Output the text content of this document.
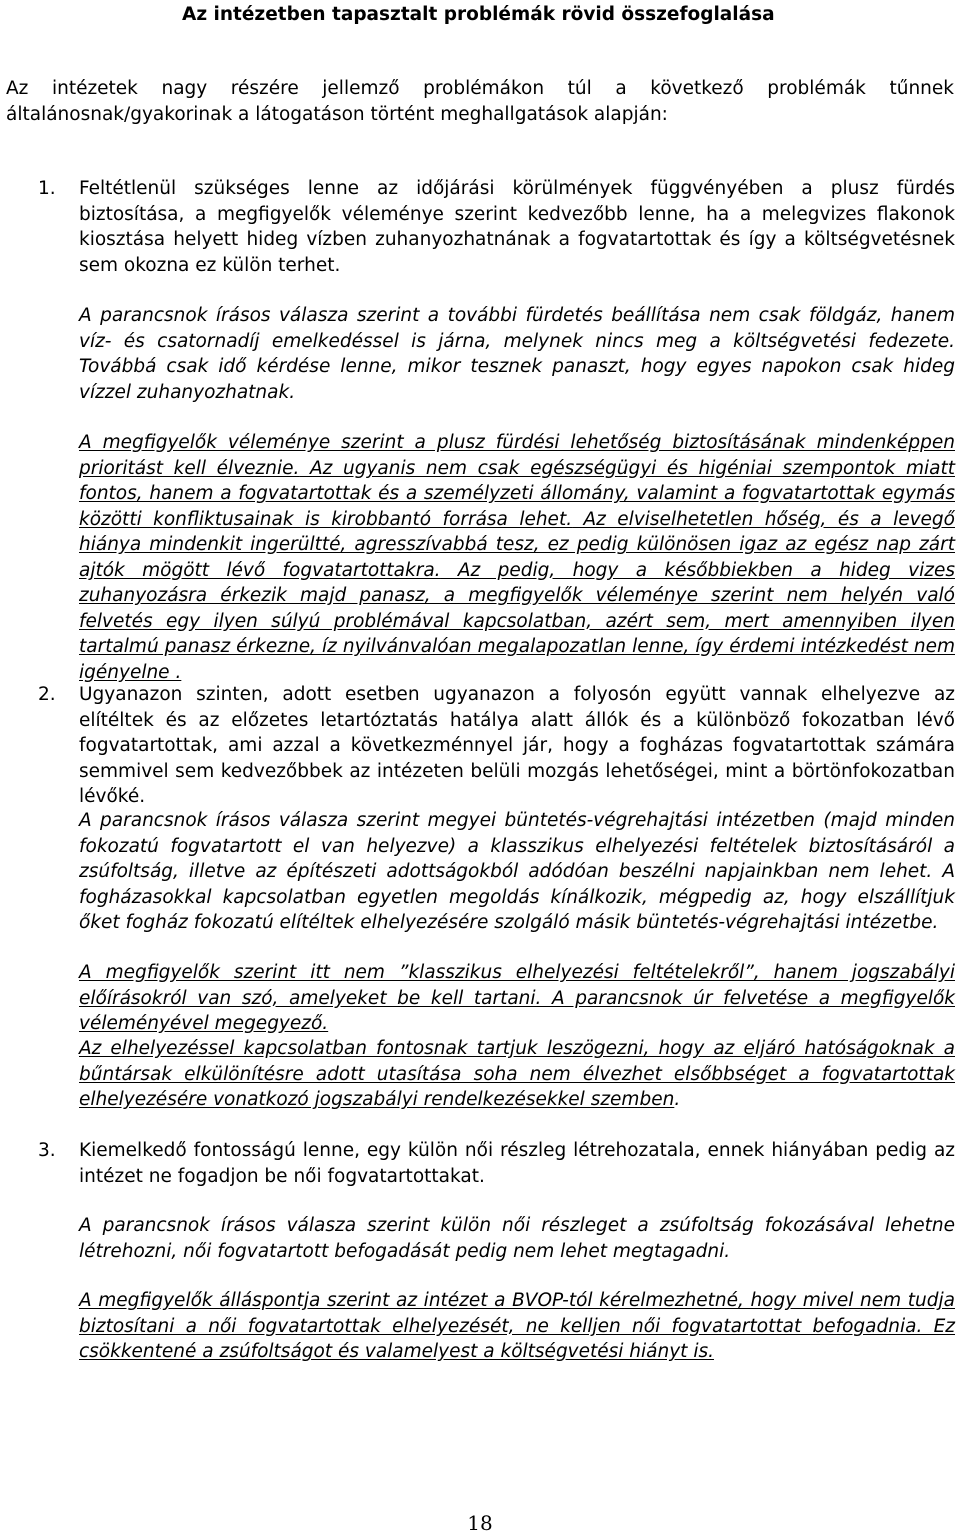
Az intézetben tapasztalt problémák rövid összefoglalása

Az intézetek nagy részére jellemző problémákon túl a következő problémák tűnnek általánosnak/gyakorinak a látogatáson történt meghallgatások alapján:

1. Feltétlenül szükséges lenne az időjárási körülmények függvényében a plusz fürdés biztosítása, a megfigyelők véleménye szerint kedvezőbb lenne, ha a melegvizes flakonok kiosztása helyett hideg vízben zuhanyozhatnának a fogvatartottak és így a költségvetésnek sem okozna ez külön terhet.

A parancsnok írásos válasza szerint a további fürdetés beállítása nem csak földgáz, hanem víz- és csatornadíj emelkedéssel is járna, melynek nincs meg a költségvetési fedezete. Továbbá csak idő kérdése lenne, mikor tesznek panaszt, hogy egyes napokon csak hideg vízzel zuhanyozhatnak.

A megfigyelők véleménye szerint a plusz fürdési lehetőség biztosításának mindenképpen prioritást kell élveznie. Az ugyanis nem csak egészségügyi és higéniai szempontok miatt fontos, hanem a fogvatartottak és a személyzeti állomány, valamint a fogvatartottak egymás közötti konfliktusainak is kirobbantó forrása lehet. Az elviselhetetlen hőség, és a levegő hiánya mindenkit ingerültté, agresszívabbá tesz, ez pedig különösen igaz az egész nap zárt ajtók mögött lévő fogvatartottakra. Az pedig, hogy a későbbiekben a hideg vizes zuhanyozásra érkezik majd panasz, a megfigyelők véleménye szerint nem helyén való felvetés egy ilyen súlyú problémával kapcsolatban, azért sem, mert amennyiben ilyen tartalmú panasz érkezne, íz nyilvánvalóan megalapozatlan lenne, így érdemi intézkedést nem igényelne .

2. Ugyanazon szinten, adott esetben ugyanazon a folyosón együtt vannak elhelyezve az elítéltek és az előzetes letartóztatás hatálya alatt állók és a különböző fokozatban lévő fogvatartottak, ami azzal a következménnyel jár, hogy a fogházas fogvatartottak számára semmivel sem kedvezőbbek az intézeten belüli mozgás lehetőségei, mint a börtönfokozatban lévőké.

A parancsnok írásos válasza szerint megyei büntetés-végrehajtási intézetben (majd minden fokozatú fogvatartott el van helyezve) a klasszikus elhelyezési feltételek biztosításáról a zsúfoltság, illetve az építészeti adottságokból adódóan beszélni napjainkban nem lehet. A fogházasokkal kapcsolatban egyetlen megoldás kínálkozik, mégpedig az, hogy elszállítjuk őket fogház fokozatú elítéltek elhelyezésére szolgáló másik büntetés-végrehajtási intézetbe.

A megfigyelők szerint itt nem ”klasszikus elhelyezési feltételekről”, hanem jogszabályi előírásokról van szó, amelyeket be kell tartani. A parancsnok úr felvetése a megfigyelők véleményével megegyező.

Az elhelyezéssel kapcsolatban fontosnak tartjuk leszögezni, hogy az eljáró hatóságoknak a bűntársak elkülönítésre adott utasítása soha nem élvezhet elsőbbséget a fogvatartottak elhelyezésére vonatkozó jogszabályi rendelkezésekkel szemben.

3. Kiemelkedő fontosságú lenne, egy külön női részleg létrehozatala, ennek hiányában pedig az intézet ne fogadjon be női fogvatartottakat.

A parancsnok írásos válasza szerint külön női részleget a zsúfoltság fokozásával lehetne létrehozni, női fogvatartott befogadását pedig nem lehet megtagadni.

A megfigyelők álláspontja szerint az intézet a BVOP-tól kérelmezhetné, hogy mivel nem tudja biztosítani a női fogvatartottak elhelyezését, ne kelljen női fogvatartottat befogadnia. Ez csökkentené a zsúfoltságot és valamelyest a költségvetési hiányt is.

18
